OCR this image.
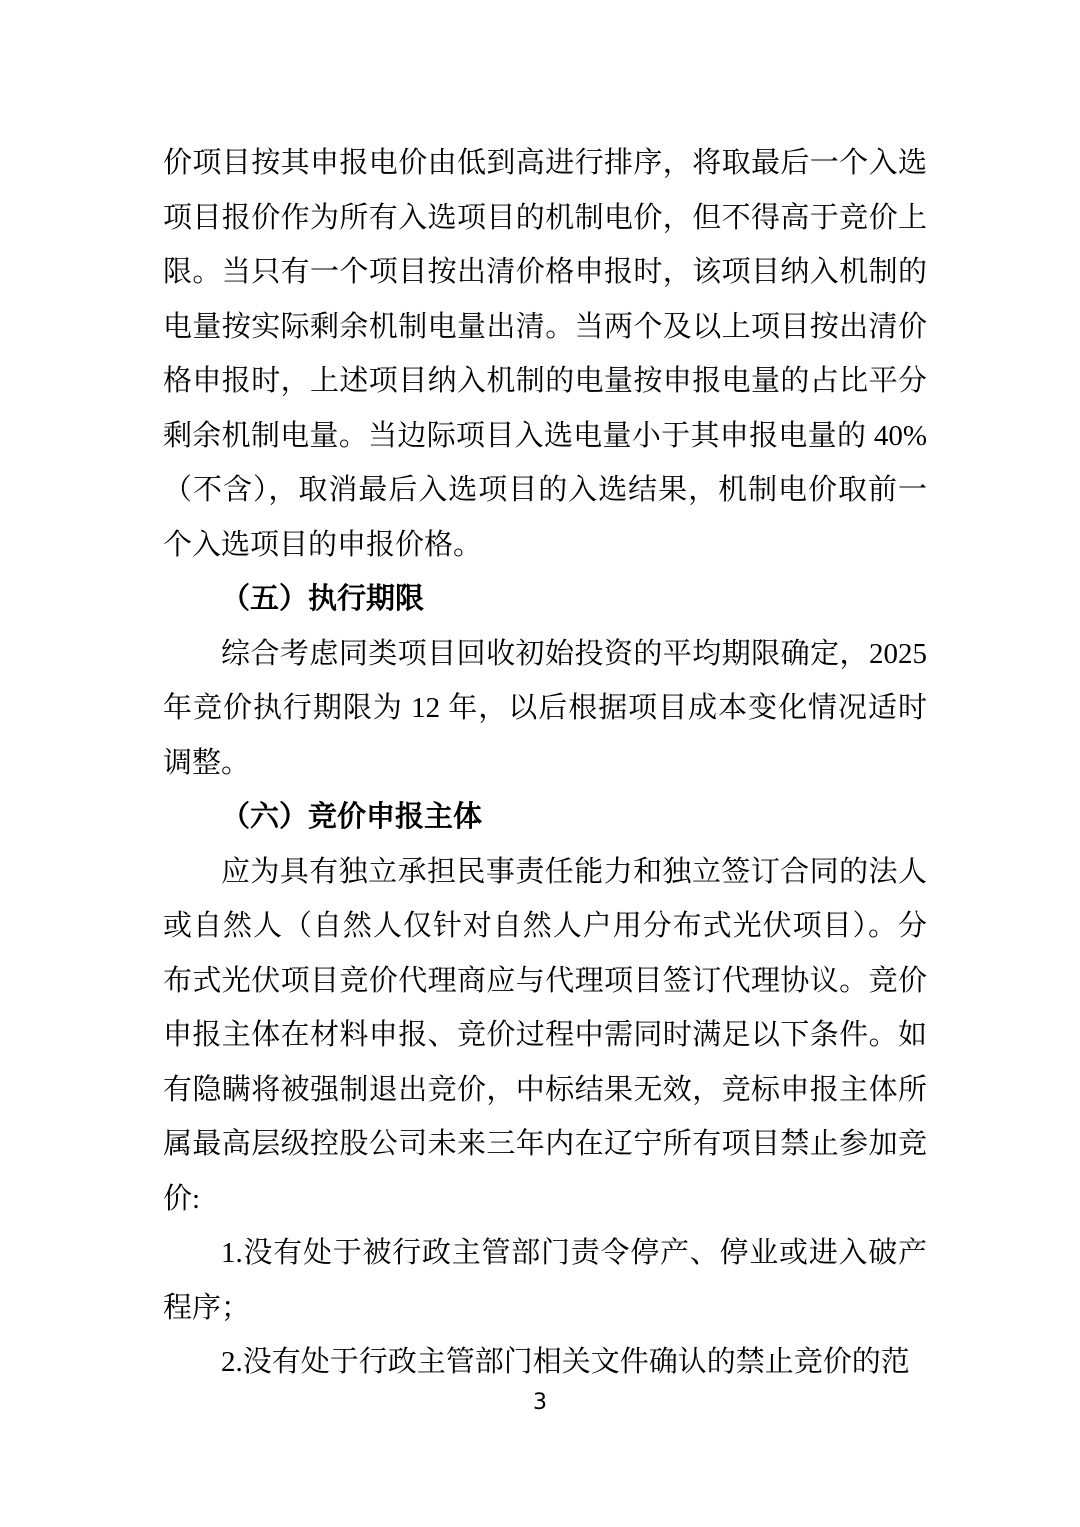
价项目按其申报电价由低到高进行排序，将取最后一个入选项目报价作为所有入选项目的机制电价，但不得高于竞价上限。当只有一个项目按出清价格申报时，该项目纳入机制的电量按实际剩余机制电量出清。当两个及以上项目按出清价格申报时，上述项目纳入机制的电量按申报电量的占比平分剩余机制电量。当边际项目入选电量小于其申报电量的 40%（不含），取消最后入选项目的入选结果，机制电价取前一个入选项目的申报价格。

（五）执行期限

综合考虑同类项目回收初始投资的平均期限确定，2025 年竞价执行期限为 12 年，以后根据项目成本变化情况适时调整。

（六）竞价申报主体

应为具有独立承担民事责任能力和独立签订合同的法人或自然人（自然人仅针对自然人户用分布式光伏项目）。分布式光伏项目竞价代理商应与代理项目签订代理协议。竞价申报主体在材料申报、竞价过程中需同时满足以下条件。如有隐瞒将被强制退出竞价，中标结果无效，竞标申报主体所属最高层级控股公司未来三年内在辽宁所有项目禁止参加竞价:

1.没有处于被行政主管部门责令停产、停业或进入破产程序；

2.没有处于行政主管部门相关文件确认的禁止竞价的范

3
